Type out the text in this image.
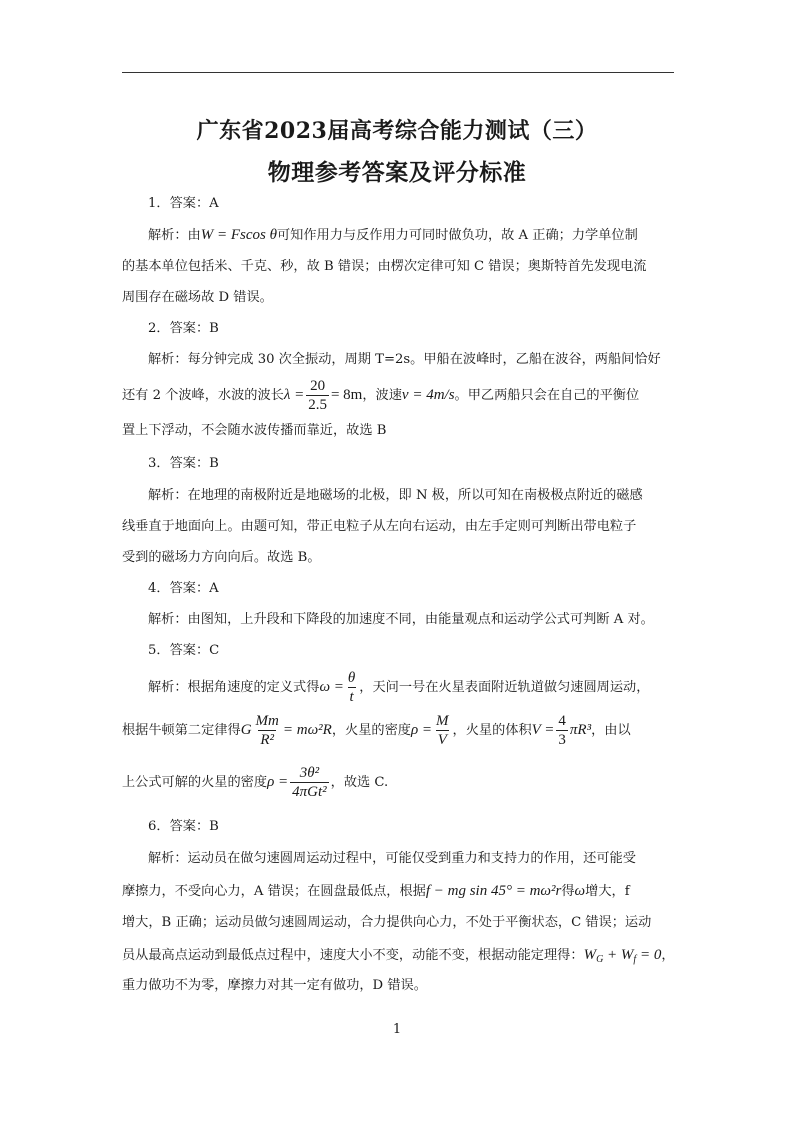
广东省2023届高考综合能力测试（三）
物理参考答案及评分标准
1．答案：A
解析：由W = Fscos θ可知作用力与反作用力可同时做负功，故 A 正确；力学单位制
的基本单位包括米、千克、秒，故 B 错误；由楞次定律可知 C 错误；奥斯特首先发现电流
周围存在磁场故 D 错误。
2．答案：B
解析：每分钟完成 30 次全振动，周期 T=2s。甲船在波峰时，乙船在波谷，两船间恰好
还有 2 个波峰，水波的波长$\lambda = \frac{20}{2.5} = 8m$，波速v = 4m/s。甲乙两船只会在自己的平衡位
置上下浮动，不会随水波传播而靠近，故选 B
3．答案：B
解析：在地理的南极附近是地磁场的北极，即 N 极，所以可知在南极极点附近的磁感
线垂直于地面向上。由题可知，带正电粒子从左向右运动，由左手定则可判断出带电粒子
受到的磁场力方向向后。故选 B。
4．答案：A
解析：由图知，上升段和下降段的加速度不同，由能量观点和运动学公式可判断 A 对。
5．答案：C
解析：根据角速度的定义式得$\omega = \frac{\theta}{t}$ ，天问一号在火星表面附近轨道做匀速圆周运动，
根据牛顿第二定律得G $\frac{Mm}{\text{R²}} = m\omega^2R$，火星的密度$\rho = \frac{M}{V}$ ，火星的体积$V = \frac{4}{3} \pi R^3$，由以
上公式可解的火星的密度$\rho = \frac{\text{3θ²}}{\text{4πGt²}}$ ，故选 C.
6．答案：B
解析：运动员在做匀速圆周运动过程中，可能仅受到重力和支持力的作用，还可能受
摩擦力，不受向心力，A 错误；在圆盘最低点，根据f − mg sin 45° = mω²r得ω增大，f
增大，B 正确；运动员做匀速圆周运动，合力提供向心力，不处于平衡状态，C 错误；运动
员从最高点运动到最低点过程中，速度大小不变，动能不变，根据动能定理得：$W_G + W_f = 0$，
重力做功不为零，摩擦力对其一定有做功，D 错误。
1
